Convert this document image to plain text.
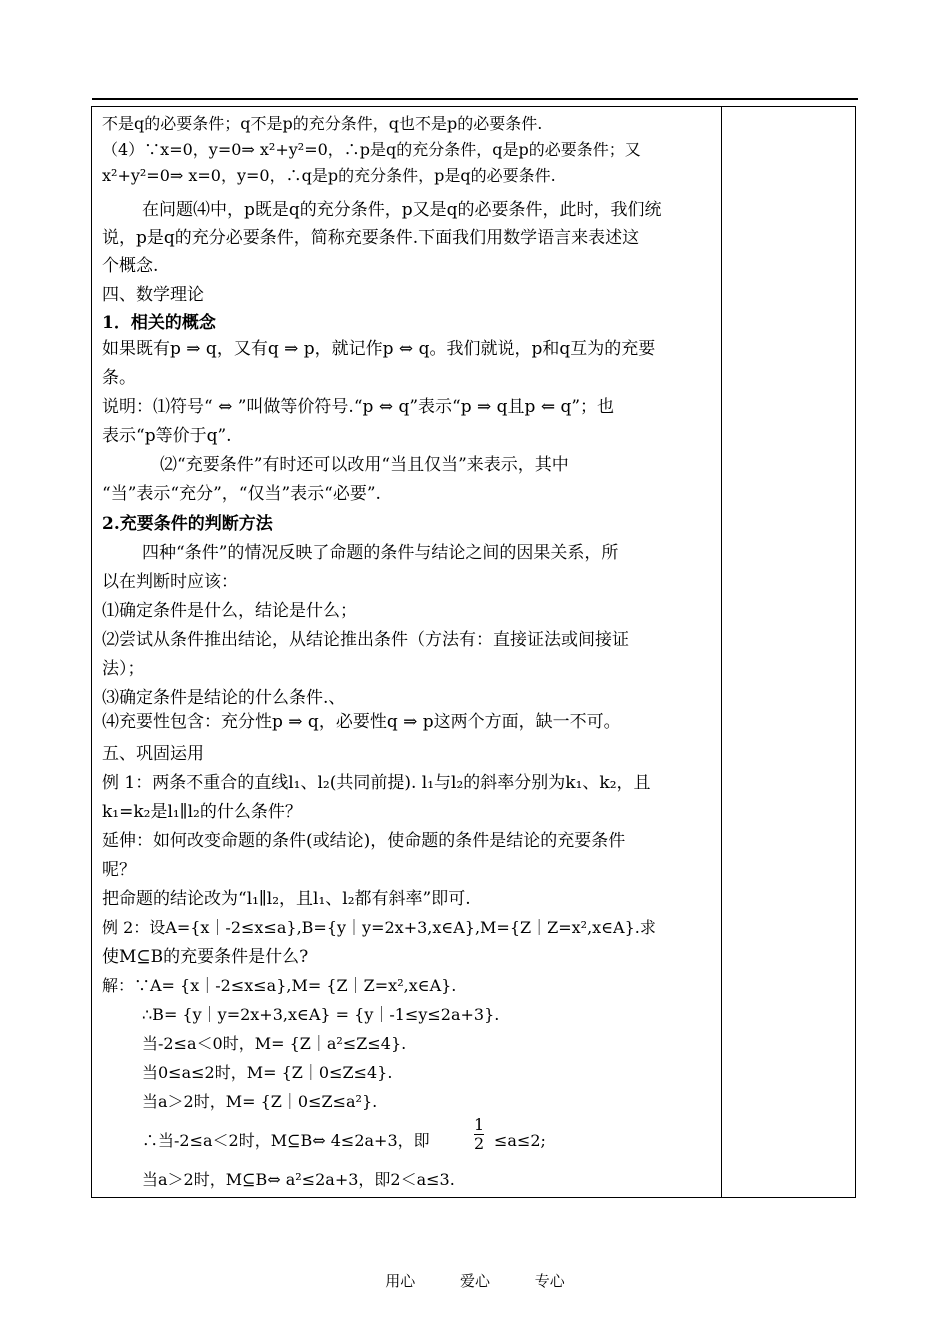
不是q的必要条件；q不是p的充分条件，q也不是p的必要条件.
（4）∵x=0，y=0⇒ x²+y²=0，∴p是q的充分条件，q是p的必要条件；又
x²+y²=0⇒ x=0，y=0，∴q是p的充分条件，p是q的必要条件.
在问题⑷中，p既是q的充分条件，p又是q的必要条件，此时，我们统
说，p是q的充分必要条件，简称充要条件.下面我们用数学语言来表述这
个概念.
四、数学理论
1．相关的概念
如果既有p ⇒ q，又有q ⇒ p，就记作p ⇔ q。我们就说，p和q互为的充要
条。
说明：⑴符号“ ⇔ ”叫做等价符号.“p ⇔ q”表示“p ⇒ q且p ⇐ q”；也
表示“p等价于q”.
⑵“充要条件”有时还可以改用“当且仅当”来表示，其中
“当”表示“充分”，“仅当”表示“必要”.
2.充要条件的判断方法
四种“条件”的情况反映了命题的条件与结论之间的因果关系，所
以在判断时应该：
⑴确定条件是什么，结论是什么；
⑵尝试从条件推出结论，从结论推出条件（方法有：直接证法或间接证
法）；
⑶确定条件是结论的什么条件.、
⑷充要性包含：充分性p ⇒ q，必要性q ⇒ p这两个方面，缺一不可。
五、巩固运用
例 1：两条不重合的直线l₁、l₂(共同前提). l₁与l₂的斜率分别为k₁、k₂，且
k₁=k₂是l₁∥l₂的什么条件？
延伸：如何改变命题的条件(或结论)，使命题的条件是结论的充要条件
呢？
把命题的结论改为“l₁∥l₂，且l₁、l₂都有斜率”即可.
例 2：设A={x｜-2≤x≤a},B={y｜y=2x+3,x∈A},M={Z｜Z=x²,x∈A}.求
使M⊆B的充要条件是什么?
解：∵A= {x｜-2≤x≤a},M= {Z｜Z=x²,x∈A}.
∴B= {y｜y=2x+3,x∈A} = {y｜-1≤y≤2a+3}.
当-2≤a＜0时，M= {Z｜a²≤Z≤4}.
当0≤a≤2时，M= {Z｜0≤Z≤4}.
当a＞2时，M= {Z｜0≤Z≤a²}.
∴当-2≤a＜2时，M⊆B⇔ 4≤2a+3，即	$\frac{1}{2} \le a\le 2$;
当a＞2时，M⊆B⇔ a²≤2a+3，即2＜a≤3.
用心	爱心	专心
